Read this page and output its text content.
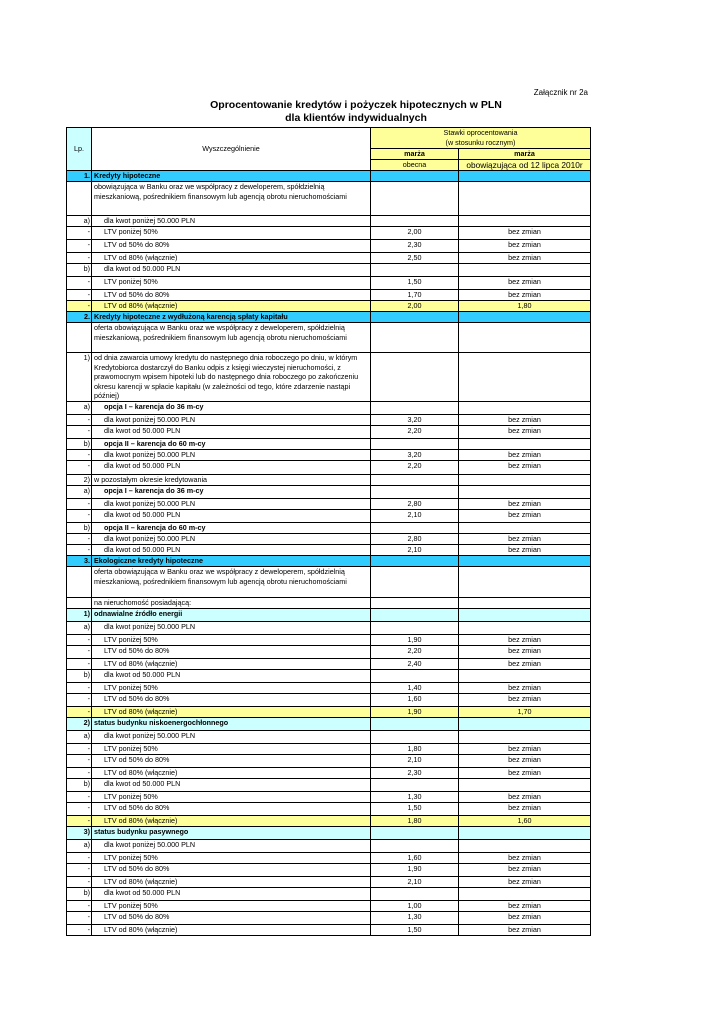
Załącznik nr 2a
Oprocentowanie kredytów i pożyczek hipotecznych w PLN
dla klientów indywidualnych
Lp.	Wyszczególnienie	Stawki oprocentowania
(w stosunku rocznym)	
		marża	marża
		obecna	obowiązująca od 12 lipca 2010r
1.	Kredyty hipoteczne		
	obowiązująca w Banku oraz we współpracy z deweloperem, spółdzielnią mieszkaniową, pośrednikiem finansowym lub agencją obrotu nieruchomościami		
a)	dla kwot poniżej 50.000 PLN		
-	LTV poniżej 50%	2,00	bez zmian
-	LTV od 50% do 80%	2,30	bez zmian
-	LTV od 80% (włącznie)	2,50	bez zmian
b)	dla kwot od 50.000 PLN		
-	LTV poniżej 50%	1,50	bez zmian
-	LTV od 50% do 80%	1,70	bez zmian
-	LTV od 80% (włącznie)	2,00	1,80
2.	Kredyty hipoteczne z wydłużoną karencją spłaty kapitału		
	oferta obowiązująca w Banku oraz we współpracy z deweloperem, spółdzielnią mieszkaniową, pośrednikiem finansowym lub agencją obrotu nieruchomościami		
1)	od dnia zawarcia umowy kredytu do następnego dnia roboczego po dniu, w którym Kredytobiorca dostarczył do Banku odpis z księgi wieczystej nieruchomości, z prawomocnym wpisem hipoteki lub do następnego dnia roboczego po zakończeniu okresu karencji w spłacie kapitału (w zależności od tego, które zdarzenie nastąpi później)		
a)	opcja I – karencja do 36 m-cy		
-	dla kwot poniżej 50.000 PLN	3,20	bez zmian
-	dla kwot od 50.000 PLN	2,20	bez zmian
b)	opcja II – karencja do 60 m-cy		
-	dla kwot poniżej 50.000 PLN	3,20	bez zmian
-	dla kwot od 50.000 PLN	2,20	bez zmian
2)	w pozostałym okresie kredytowania		
a)	opcja I – karencja do 36 m-cy		
-	dla kwot poniżej 50.000 PLN	2,80	bez zmian
-	dla kwot od 50.000 PLN	2,10	bez zmian
b)	opcja II – karencja do 60 m-cy		
-	dla kwot poniżej 50.000 PLN	2,80	bez zmian
-	dla kwot od 50.000 PLN	2,10	bez zmian
3.	Ekologiczne kredyty hipoteczne		
	oferta obowiązująca w Banku oraz we współpracy z deweloperem, spółdzielnią mieszkaniową, pośrednikiem finansowym lub agencją obrotu nieruchomościami		
	na nieruchomość posiadającą:		
1)	odnawialne źródło energii		
a)	dla kwot poniżej 50.000 PLN		
-	LTV poniżej 50%	1,90	bez zmian
-	LTV od 50% do 80%	2,20	bez zmian
-	LTV od 80% (włącznie)	2,40	bez zmian
b)	dla kwot od 50.000 PLN		
-	LTV poniżej 50%	1,40	bez zmian
-	LTV od 50% do 80%	1,60	bez zmian
-	LTV od 80% (włącznie)	1,90	1,70
2)	status budynku niskoenergochłonnego		
a)	dla kwot poniżej 50.000 PLN		
-	LTV poniżej 50%	1,80	bez zmian
-	LTV od 50% do 80%	2,10	bez zmian
-	LTV od 80% (włącznie)	2,30	bez zmian
b)	dla kwot od 50.000 PLN		
-	LTV poniżej 50%	1,30	bez zmian
-	LTV od 50% do 80%	1,50	bez zmian
-	LTV od 80% (włącznie)	1,80	1,60
3)	status budynku pasywnego		
a)	dla kwot poniżej 50.000 PLN		
-	LTV poniżej 50%	1,60	bez zmian
-	LTV od 50% do 80%	1,90	bez zmian
-	LTV od 80% (włącznie)	2,10	bez zmian
b)	dla kwot od 50.000 PLN		
-	LTV poniżej 50%	1,00	bez zmian
-	LTV od 50% do 80%	1,30	bez zmian
-	LTV od 80% (włącznie)	1,50	bez zmian
